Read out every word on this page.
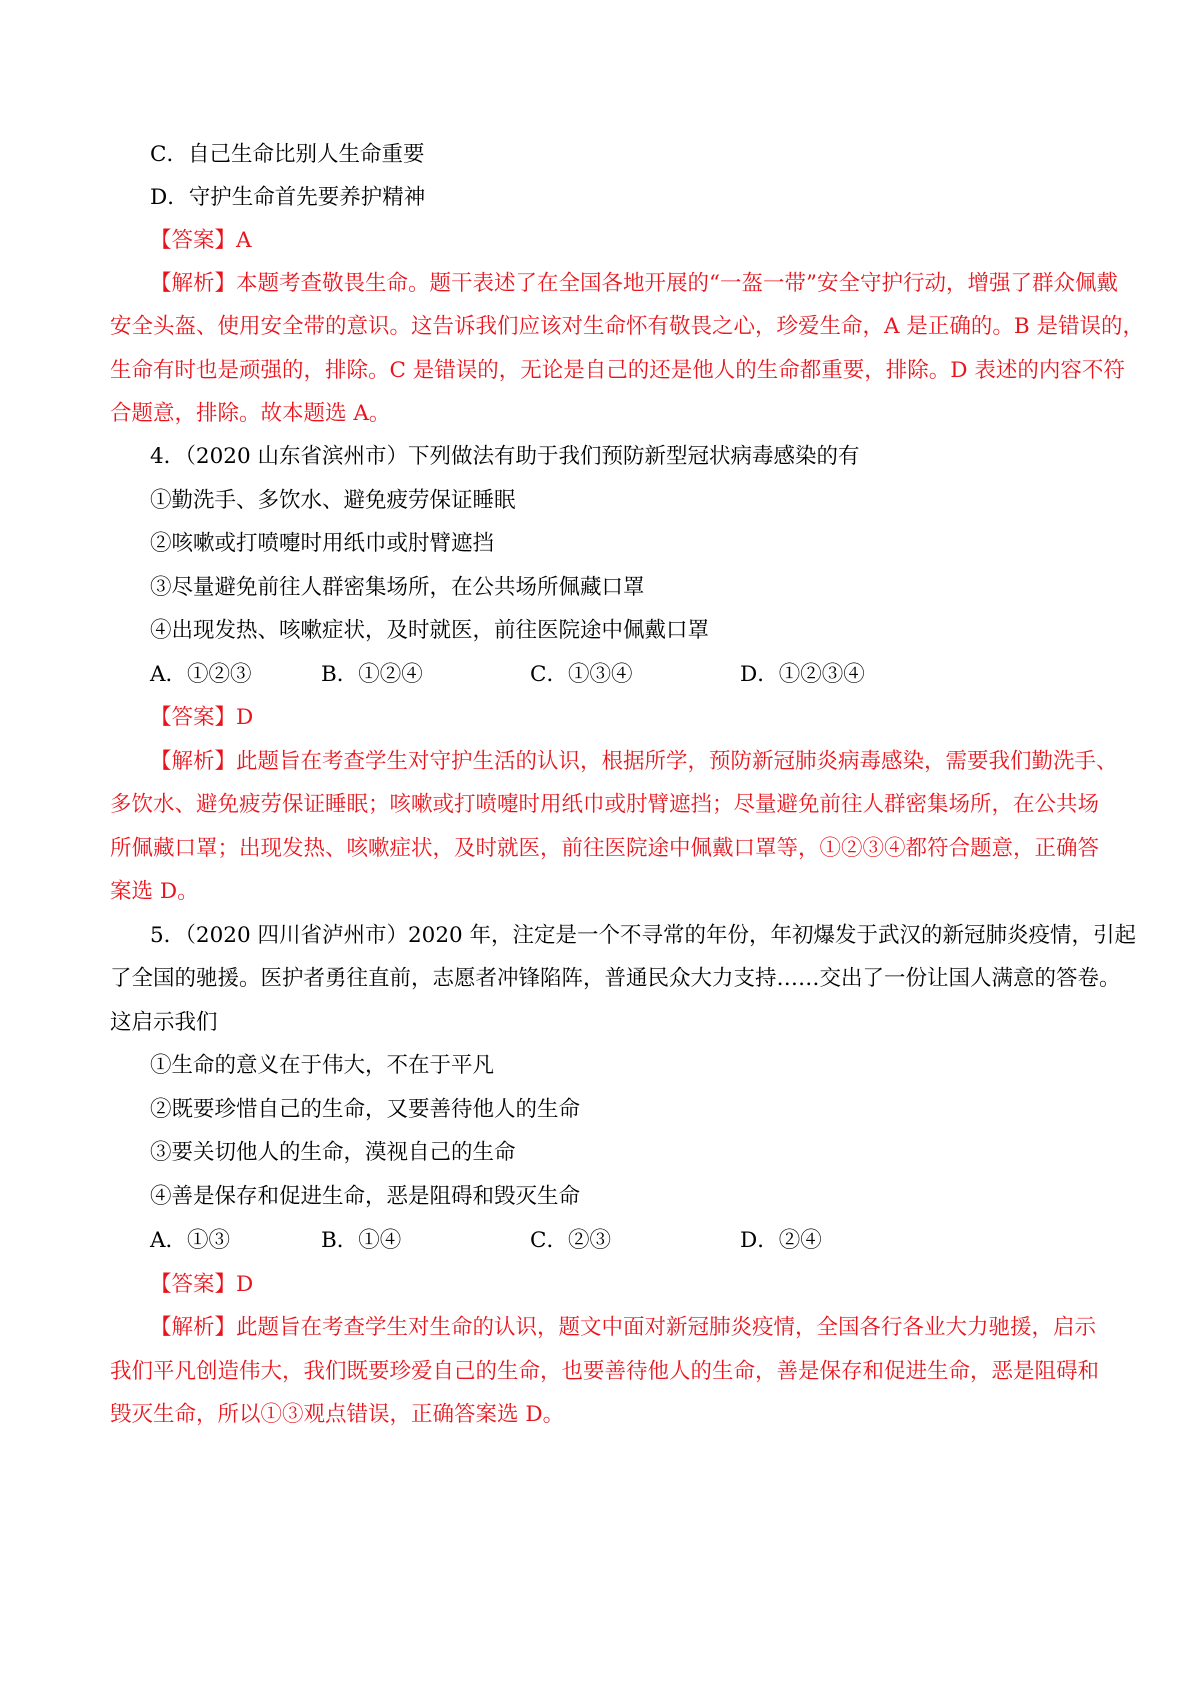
C．自己生命比别人生命重要
D．守护生命首先要养护精神
【答案】A
【解析】本题考查敬畏生命。题干表述了在全国各地开展的“一盔一带”安全守护行动，增强了群众佩戴
安全头盔、使用安全带的意识。这告诉我们应该对生命怀有敬畏之心，珍爱生命，A 是正确的。B 是错误的，
生命有时也是顽强的，排除。C 是错误的，无论是自己的还是他人的生命都重要，排除。D 表述的内容不符
合题意，排除。故本题选 A。
4．（2020 山东省滨州市）下列做法有助于我们预防新型冠状病毒感染的有
①勤洗手、多饮水、避免疲劳保证睡眠
②咳嗽或打喷嚏时用纸巾或肘臂遮挡
③尽量避免前往人群密集场所，在公共场所佩藏口罩
④出现发热、咳嗽症状，及时就医，前往医院途中佩戴口罩
A．①②③	B．①②④	C．①③④	D．①②③④
【答案】D
【解析】此题旨在考查学生对守护生活的认识，根据所学，预防新冠肺炎病毒感染，需要我们勤洗手、
多饮水、避免疲劳保证睡眠；咳嗽或打喷嚏时用纸巾或肘臂遮挡；尽量避免前往人群密集场所，在公共场
所佩藏口罩；出现发热、咳嗽症状，及时就医，前往医院途中佩戴口罩等，①②③④都符合题意，正确答
案选 D。
5．（2020 四川省泸州市）2020 年，注定是一个不寻常的年份，年初爆发于武汉的新冠肺炎疫情，引起
了全国的驰援。医护者勇往直前，志愿者冲锋陷阵，普通民众大力支持……交出了一份让国人满意的答卷。
这启示我们
①生命的意义在于伟大，不在于平凡
②既要珍惜自己的生命，又要善待他人的生命
③要关切他人的生命，漠视自己的生命
④善是保存和促进生命，恶是阻碍和毁灭生命
A．①③	B．①④	C．②③	D．②④
【答案】D
【解析】此题旨在考查学生对生命的认识，题文中面对新冠肺炎疫情，全国各行各业大力驰援，启示
我们平凡创造伟大，我们既要珍爱自己的生命，也要善待他人的生命，善是保存和促进生命，恶是阻碍和
毁灭生命，所以①③观点错误，正确答案选 D。
